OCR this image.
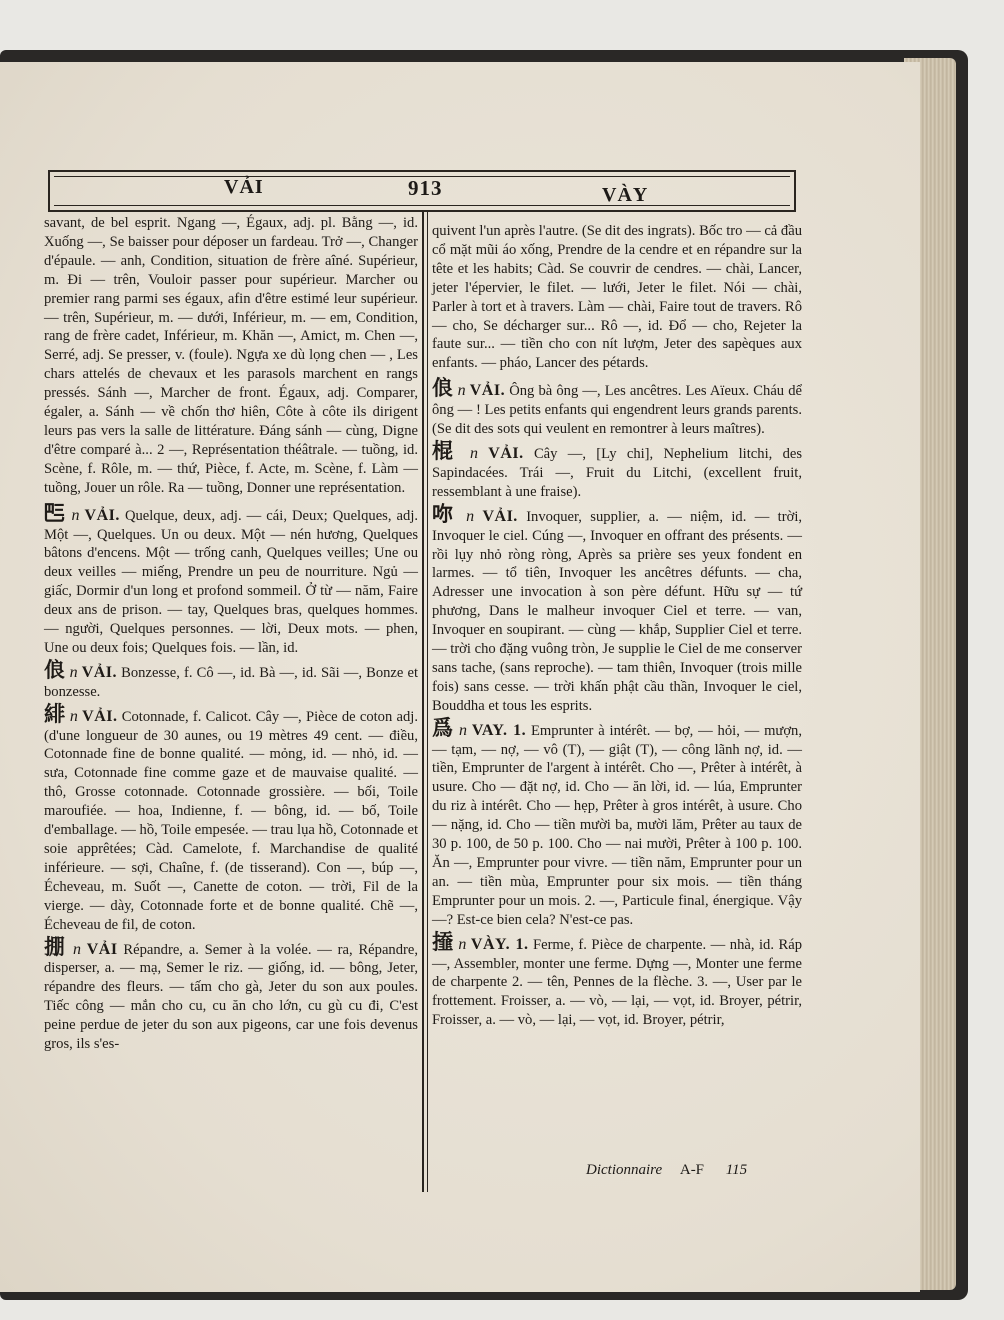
VẢI	913	VÀY

savant, de bel esprit. Ngang —, Égaux, adj. pl. Bằng —, id. Xuống —, Se baisser pour déposer un fardeau. Trở —, Changer d'épaule. — anh, Condition, situation de frère aîné. Supérieur, m. Đi — trên, Vouloir passer pour supérieur. Marcher ou premier rang parmi ses égaux, afin d'être estimé leur supérieur. — trên, Supérieur, m. — dưới, Inférieur, m. — em, Condition, rang de frère cadet, Inférieur, m. Khăn —, Amict, m. Chen —, Serré, adj. Se presser, v. (foule). Ngựa xe dù lọng chen — , Les chars attelés de chevaux et les parasols marchent en rangs pressés. Sánh —, Marcher de front. Égaux, adj. Comparer, égaler, a. Sánh — về chốn thơ hiên, Côte à côte ils dirigent leurs pas vers la salle de littérature. Đáng sánh — cùng, Digne d'être comparé à... 2 —, Représentation théâtrale. — tuồng, id. Scène, f. Rôle, m. — thứ, Pièce, f. Acte, m. Scène, f. Làm — tuồng, Jouer un rôle. Ra — tuồng, Donner une représentation.

𠀧 n VẢI. Quelque, deux, adj. — cái, Deux; Quelques, adj. Một —, Quelques. Un ou deux. Một — nén hương, Quelques bâtons d'encens. Một — trống canh, Quelques veilles; Une ou deux veilles — miếng, Prendre un peu de nourriture. Ngủ — giấc, Dormir d'un long et profond sommeil. Ở từ — năm, Faire deux ans de prison. — tay, Quelques bras, quelques hommes. — người, Quelques personnes. — lời, Deux mots. — phen, Une ou deux fois; Quelques fois. — lần, id.

俍 n VẢI. Bonzesse, f. Cô —, id. Bà —, id. Sãi —, Bonze et bonzesse.

緋 n VẢI. Cotonnade, f. Calicot. Cây —, Pièce de coton adj. (d'une longueur de 30 aunes, ou 19 mètres 49 cent. — điều, Cotonnade fine de bonne qualité. — mỏng, id. — nhỏ, id. — sưa, Cotonnade fine comme gaze et de mauvaise qualité. — thô, Grosse cotonnade. Cotonnade grossière. — bối, Toile maroufiée. — hoa, Indienne, f. — bông, id. — bố, Toile d'emballage. — hồ, Toile empesée. — trau lụa hồ, Cotonnade et soie apprêtées; Càd. Camelote, f. Marchandise de qualité inférieure. — sợi, Chaîne, f. (de tisserand). Con —, búp —, Écheveau, m. Suốt —, Canette de coton. — trời, Fil de la vierge. — dày, Cotonnade forte et de bonne qualité. Chẽ —, Écheveau de fil, de coton.

掤 n VẢI Répandre, a. Semer à la volée. — ra, Répandre, disperser, a. — mạ, Semer le riz. — giống, id. — bông, Jeter, répandre des fleurs. — tấm cho gà, Jeter du son aux poules. Tiếc công — mắn cho cu, cu ăn cho lớn, cu gù cu đi, C'est peine perdue de jeter du son aux pigeons, car une fois devenus gros, ils s'es-

quivent l'un après l'autre. (Se dit des ingrats). Bốc tro — cả đầu cổ mặt mũi áo xống, Prendre de la cendre et en répandre sur la tête et les habits; Càd. Se couvrir de cendres. — chài, Lancer, jeter l'épervier, le filet. — lưới, Jeter le filet. Nói — chài, Parler à tort et à travers. Làm — chài, Faire tout de travers. Rô — cho, Se décharger sur... Rô —, id. Đổ — cho, Rejeter la faute sur... — tiền cho con nít lượm, Jeter des sapèques aux enfants. — pháo, Lancer des pétards.

俍 n VẢI. Ông bà ông —, Les ancêtres. Les Aïeux. Cháu dể ông — ! Les petits enfants qui engendrent leurs grands parents. (Se dit des sots qui veulent en remontrer à leurs maîtres).

棍 n VẢI. Cây —, [Ly chi], Nephelium litchi, des Sapindacées. Trái —, Fruit du Litchi, (excellent fruit, ressemblant à une fraise).

𠰚 n VẢI. Invoquer, supplier, a. — niệm, id. — trời, Invoquer le ciel. Cúng —, Invoquer en offrant des présents. — rồi lụy nhỏ ròng ròng, Après sa prière ses yeux fondent en larmes. — tổ tiên, Invoquer les ancêtres défunts. — cha, Adresser une invocation à son père défunt. Hữu sự — tứ phương, Dans le malheur invoquer Ciel et terre. — van, Invoquer en soupirant. — cùng — khắp, Supplier Ciel et terre. — trời cho đặng vuông tròn, Je supplie le Ciel de me conserver sans tache, (sans reproche). — tam thiên, Invoquer (trois mille fois) sans cesse. — trời khấn phật cầu thần, Invoquer le ciel, Bouddha et tous les esprits.

爲 n VAY. 1. Emprunter à intérêt. — bợ, — hỏi, — mượn, — tạm, — nợ, — vô (T), — giật (T), — công lãnh nợ, id. — tiền, Emprunter de l'argent à intérêt. Cho —, Prêter à intérêt, à usure. Cho — đặt nợ, id. Cho — ăn lời, id. — lúa, Emprunter du riz à intérêt. Cho — hẹp, Prêter à gros intérêt, à usure. Cho — nặng, id. Cho — tiền mười ba, mười lăm, Prêter au taux de 30 p. 100, de 50 p. 100. Cho — nai mười, Prêter à 100 p. 100. Ăn —, Emprunter pour vivre. — tiền năm, Emprunter pour un an. — tiền mùa, Emprunter pour six mois. — tiền tháng Emprunter pour un mois. 2. —, Particule final, énergique. Vậy —? Est-ce bien cela? N'est-ce pas.

𢶍 n VÀY. 1. Ferme, f. Pièce de charpente. — nhà, id. Ráp —, Assembler, monter une ferme. Dựng —, Monter une ferme de charpente 2. — tên, Pennes de la flèche. 3. —, User par le frottement. Froisser, a. — vò, — lại, — vọt, id. Broyer, pétrir, Froisser, a. — vò, — lại, — vọt, id. Broyer, pétrir,

Dictionnaire A-F 115
